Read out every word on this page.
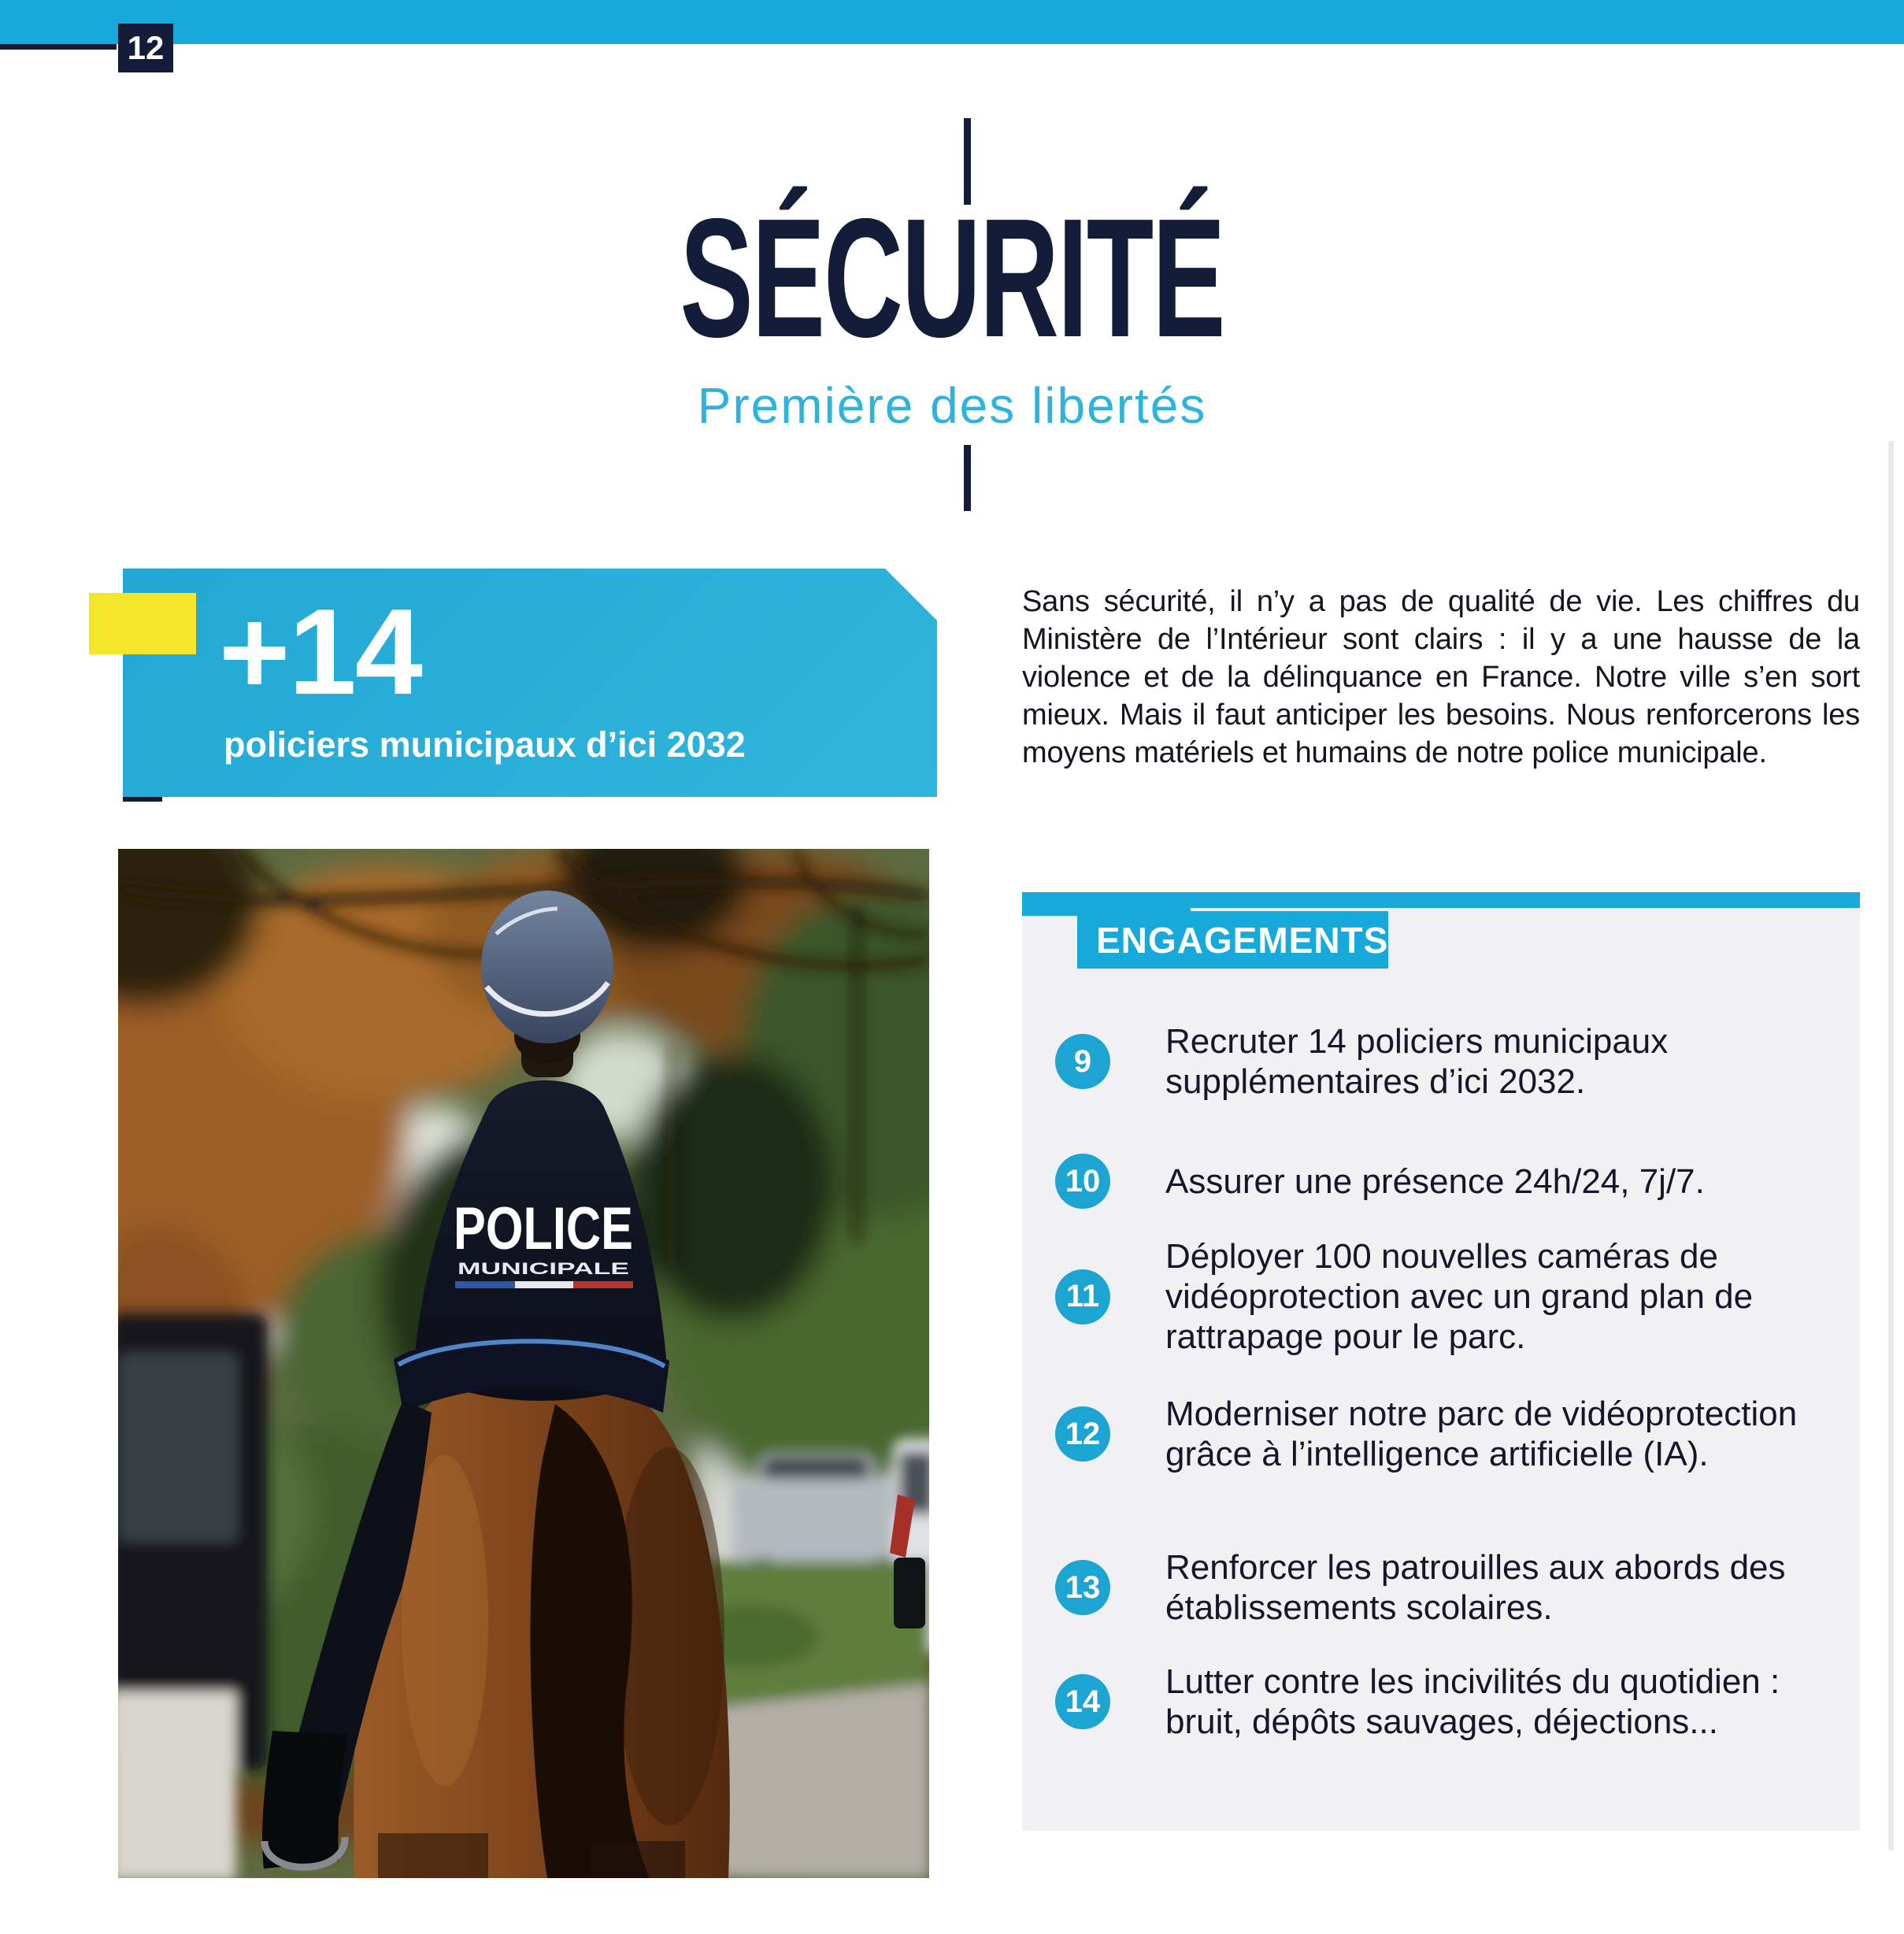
12
SÉCURITÉ
Première des libertés
+14
policiers municipaux d’ici 2032

Sans sécurité, il n’y a pas de qualité de vie. Les chiffres du Ministère de l’Intérieur sont clairs : il y a une hausse de la violence et de la délinquance en France. Notre ville s’en sort mieux. Mais il faut anticiper les besoins. Nous renforcerons les moyens matériels et humains de notre police municipale.

ENGAGEMENTS
9
Recruter 14 policiers municipaux supplémentaires d’ici 2032.
10 Assurer une présence 24h/24, 7j/7.
11
Déployer 100 nouvelles caméras de vidéoprotection avec un grand plan de rattrapage pour le parc.
12
Moderniser notre parc de vidéoprotection grâce à l’intelligence artificielle (IA).
13
Renforcer les patrouilles aux abords des établissements scolaires.
14
Lutter contre les incivilités du quotidien : bruit, dépôts sauvages, déjections...
POLICE
MUNICIPALE
